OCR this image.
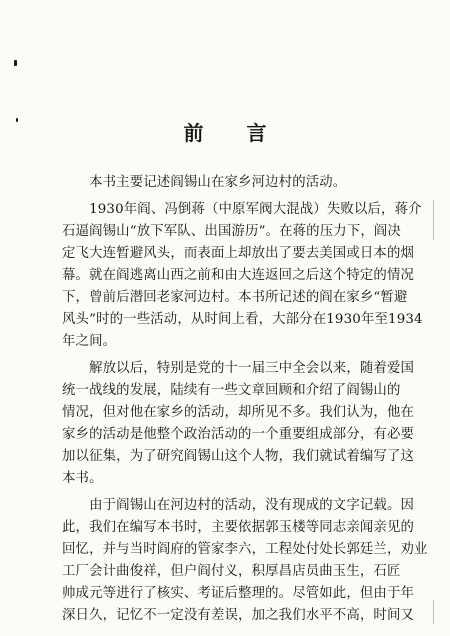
前 言
　　本书主要记述阎锡山在家乡河边村的活动。
　　1930年阎、冯倒蒋（中原军阀大混战）失败以后，蒋介
石逼阎锡山“放下军队、出国游历”。在蒋的压力下，阎决
定飞大连暂避风头，而表面上却放出了要去美国或日本的烟
幕。就在阎逃离山西之前和由大连返回之后这个特定的情况
下，曾前后潜回老家河边村。本书所记述的阎在家乡“暂避
风头”时的一些活动，从时间上看，大部分在1930年至1934
年之间。
　　解放以后，特别是党的十一届三中全会以来，随着爱国
统一战线的发展，陆续有一些文章回顾和介绍了阎锡山的
情况，但对他在家乡的活动，却所见不多。我们认为，他在
家乡的活动是他整个政治活动的一个重要组成部分，有必要
加以征集，为了研究阎锡山这个人物，我们就试着编写了这
本书。
　　由于阎锡山在河边村的活动，没有现成的文字记载。因
此，我们在编写本书时，主要依据郭玉楼等同志亲闻亲见的
回忆，并与当时阎府的管家李六，工程处付处长郭廷兰，劝业
工厂会计曲俊祥，但户阎付义，积厚昌店员曲玉生，石匠
帅成元等进行了核实、考证后整理的。尽管如此，但由于年
深日久，记忆不一定没有差误，加之我们水平不高，时间又
